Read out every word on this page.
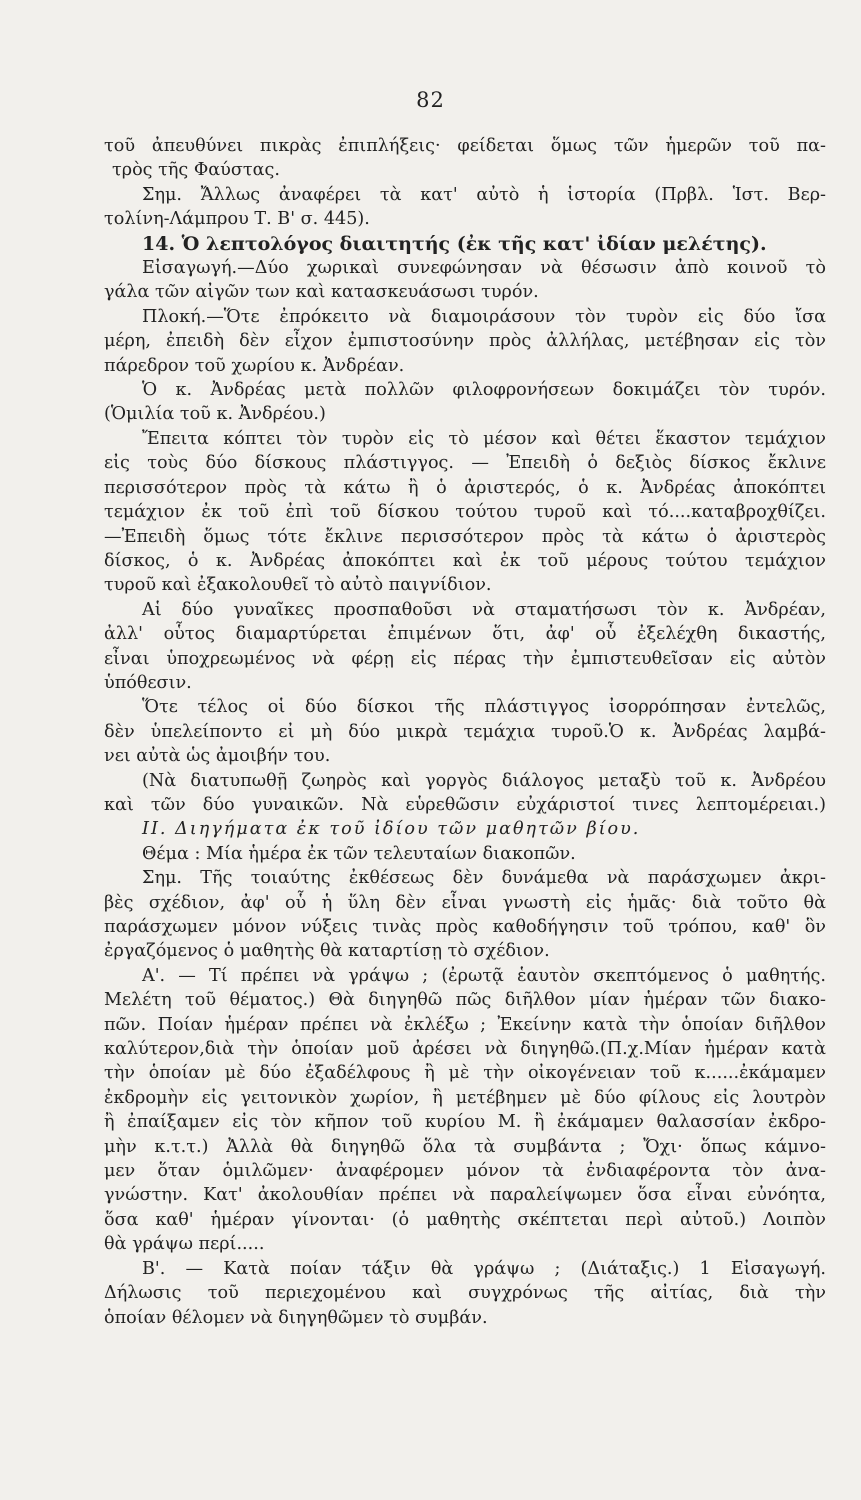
82
τοῦ ἀπευθύνει πικρὰς ἐπιπλήξεις· φείδεται ὅμως τῶν ἡμερῶν τοῦ πα-
τρὸς τῆς Φαύστας.
Σημ. Ἄλλως ἀναφέρει τὰ κατ' αὐτὸ ἡ ἱστορία (Πρβλ. Ἱστ. Βερ-
τολίνη-Λάμπρου Τ. Β' σ. 445).
14. Ὁ λεπτολόγος διαιτητής (ἐκ τῆς κατ' ἰδίαν μελέτης).
Εἰσαγωγή.—Δύο χωρικαὶ συνεφώνησαν νὰ θέσωσιν ἀπὸ κοινοῦ τὸ
γάλα τῶν αἰγῶν των καὶ κατασκευάσωσι τυρόν.
Πλοκή.—Ὅτε ἐπρόκειτο νὰ διαμοιράσουν τὸν τυρὸν εἰς δύο ἴσα
μέρη, ἐπειδὴ δὲν εἶχον ἐμπιστοσύνην πρὸς ἀλλήλας, μετέβησαν εἰς τὸν
πάρεδρον τοῦ χωρίου κ. Ἀνδρέαν.
Ὁ κ. Ἀνδρέας μετὰ πολλῶν φιλοφρονήσεων δοκιμάζει τὸν τυρόν.
(Ὁμιλία τοῦ κ. Ἀνδρέου.)
Ἔπειτα κόπτει τὸν τυρὸν εἰς τὸ μέσον καὶ θέτει ἕκαστον τεμάχιον
εἰς τοὺς δύο δίσκους πλάστιγγος. — Ἐπειδὴ ὁ δεξιὸς δίσκος ἔκλινε
περισσότερον πρὸς τὰ κάτω ἢ ὁ ἀριστερός, ὁ κ. Ἀνδρέας ἀποκόπτει
τεμάχιον ἐκ τοῦ ἐπὶ τοῦ δίσκου τούτου τυροῦ καὶ τό....καταβροχθίζει.
—Ἐπειδὴ ὅμως τότε ἔκλινε περισσότερον πρὸς τὰ κάτω ὁ ἀριστερὸς
δίσκος, ὁ κ. Ἀνδρέας ἀποκόπτει καὶ ἐκ τοῦ μέρους τούτου τεμάχιον
τυροῦ καὶ ἐξακολουθεῖ τὸ αὐτὸ παιγνίδιον.
Αἱ δύο γυναῖκες προσπαθοῦσι νὰ σταματήσωσι τὸν κ. Ἀνδρέαν,
ἀλλ' οὗτος διαμαρτύρεται ἐπιμένων ὅτι, ἀφ' οὗ ἐξελέχθη δικαστής,
εἶναι ὑποχρεωμένος νὰ φέρῃ εἰς πέρας τὴν ἐμπιστευθεῖσαν εἰς αὐτὸν
ὑπόθεσιν.
Ὅτε τέλος οἱ δύο δίσκοι τῆς πλάστιγγος ἰσορρόπησαν ἐντελῶς,
δὲν ὑπελείποντο εἰ μὴ δύο μικρὰ τεμάχια τυροῦ.Ὁ κ. Ἀνδρέας λαμβά-
νει αὐτὰ ὡς ἀμοιβήν του.
(Νὰ διατυπωθῇ ζωηρὸς καὶ γοργὸς διάλογος μεταξὺ τοῦ κ. Ἀνδρέου
καὶ τῶν δύο γυναικῶν. Νὰ εὑρεθῶσιν εὐχάριστοί τινες λεπτομέρειαι.)
ΙΙ. Διηγήματα ἐκ τοῦ ἰδίου τῶν μαθητῶν βίου.
Θέμα : Μία ἡμέρα ἐκ τῶν τελευταίων διακοπῶν.
Σημ. Τῆς τοιαύτης ἐκθέσεως δὲν δυνάμεθα νὰ παράσχωμεν ἀκρι-
βὲς σχέδιον, ἀφ' οὗ ἡ ὕλη δὲν εἶναι γνωστὴ εἰς ἡμᾶς· διὰ τοῦτο θὰ
παράσχωμεν μόνον νύξεις τινὰς πρὸς καθοδήγησιν τοῦ τρόπου, καθ' ὃν
ἐργαζόμενος ὁ μαθητὴς θὰ καταρτίσῃ τὸ σχέδιον.
Α'. — Τί πρέπει νὰ γράψω ; (ἐρωτᾷ ἑαυτὸν σκεπτόμενος ὁ μαθητής.
Μελέτη τοῦ θέματος.) Θὰ διηγηθῶ πῶς διῆλθον μίαν ἡμέραν τῶν διακο-
πῶν. Ποίαν ἡμέραν πρέπει νὰ ἐκλέξω ; Ἐκείνην κατὰ τὴν ὁποίαν διῆλθον
καλύτερον,διὰ τὴν ὁποίαν μοῦ ἀρέσει νὰ διηγηθῶ.(Π.χ.Μίαν ἡμέραν κατὰ
τὴν ὁποίαν μὲ δύο ἐξαδέλφους ἢ μὲ τὴν οἰκογένειαν τοῦ κ......ἐκάμαμεν
ἐκδρομὴν εἰς γειτονικὸν χωρίον, ἢ μετέβημεν μὲ δύο φίλους εἰς λουτρὸν
ἢ ἐπαίξαμεν εἰς τὸν κῆπον τοῦ κυρίου Μ. ἢ ἐκάμαμεν θαλασσίαν ἐκδρο-
μὴν κ.τ.τ.) Ἀλλὰ θὰ διηγηθῶ ὅλα τὰ συμβάντα ; Ὄχι· ὅπως κάμνο-
μεν ὅταν ὁμιλῶμεν· ἀναφέρομεν μόνον τὰ ἐνδιαφέροντα τὸν ἀνα-
γνώστην. Κατ' ἀκολουθίαν πρέπει νὰ παραλείψωμεν ὅσα εἶναι εὐνόητα,
ὅσα καθ' ἡμέραν γίνονται· (ὁ μαθητὴς σκέπτεται περὶ αὐτοῦ.) Λοιπὸν
θὰ γράψω περί.....
Β'. — Κατὰ ποίαν τάξιν θὰ γράψω ; (Διάταξις.) 1 Εἰσαγωγή.
Δήλωσις τοῦ περιεχομένου καὶ συγχρόνως τῆς αἰτίας, διὰ τὴν
ὁποίαν θέλομεν νὰ διηγηθῶμεν τὸ συμβάν.
